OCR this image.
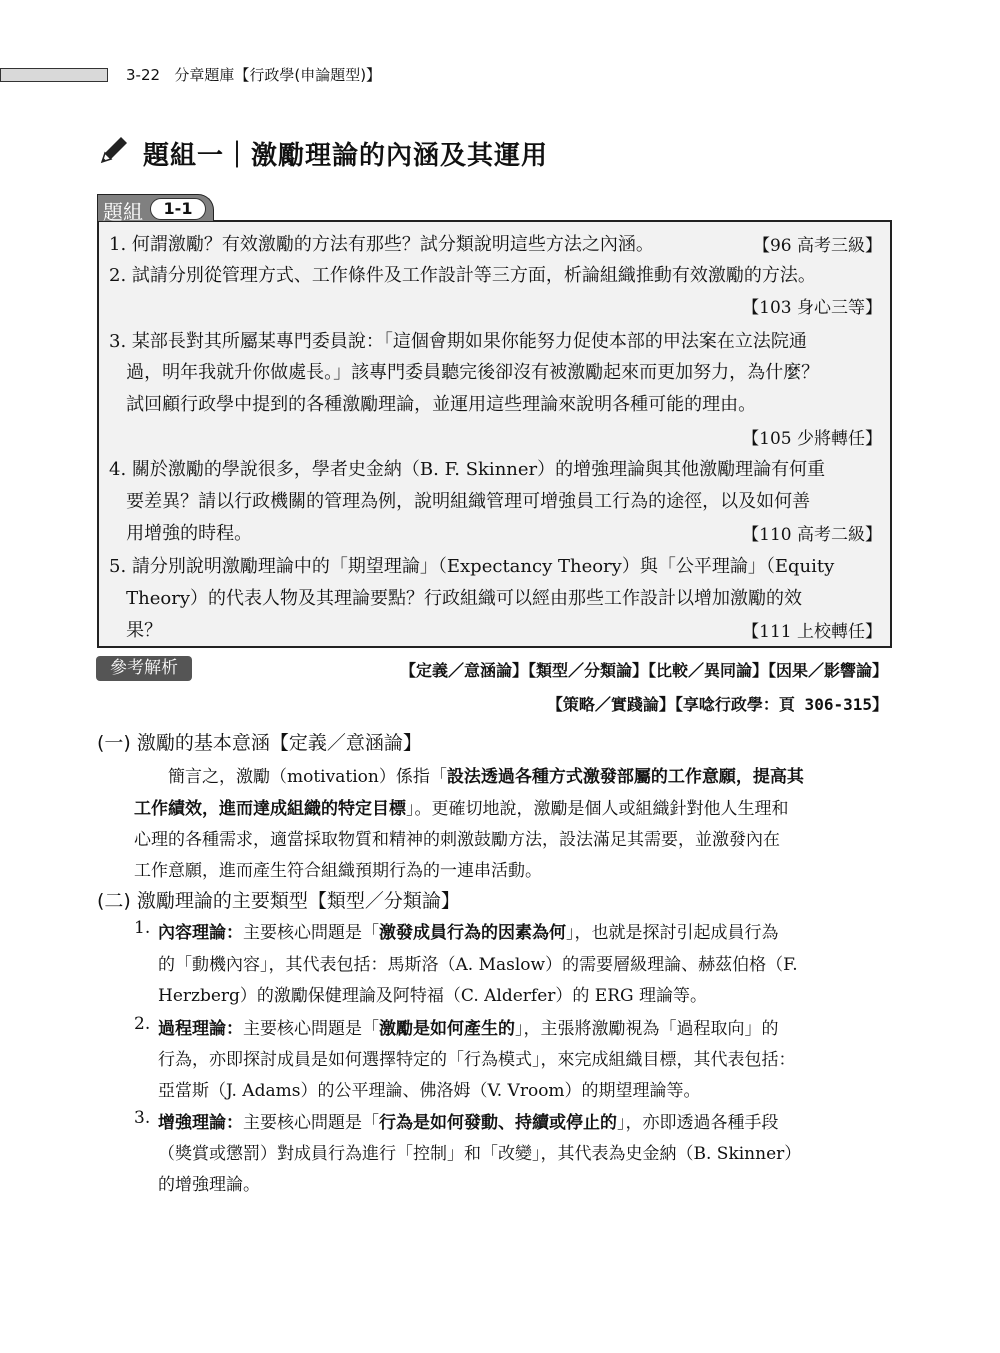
3-22   分章題庫【行政學(申論題型)】
題組一｜激勵理論的內涵及其運用
題組	1-1
1. 何謂激勵？有效激勵的方法有那些？試分類說明這些方法之內涵。	【96 高考三級】
2. 試請分別從管理方式、工作條件及工作設計等三方面，析論組織推動有效激勵的方法。
【103 身心三等】
3. 某部長對其所屬某專門委員說：「這個會期如果你能努力促使本部的甲法案在立法院通
過，明年我就升你做處長。」該專門委員聽完後卻沒有被激勵起來而更加努力，為什麼？
試回顧行政學中提到的各種激勵理論，並運用這些理論來說明各種可能的理由。
【105 少將轉任】
4. 關於激勵的學說很多，學者史金納（B. F. Skinner）的增強理論與其他激勵理論有何重
要差異？請以行政機關的管理為例，說明組織管理可增強員工行為的途徑，以及如何善
用增強的時程。	【110 高考二級】
5. 請分別說明激勵理論中的「期望理論」（Expectancy Theory）與「公平理論」（Equity
Theory）的代表人物及其理論要點？行政組織可以經由那些工作設計以增加激勵的效
果？	【111 上校轉任】
參考解析	【定義／意涵論】【類型／分類論】【比較／異同論】【因果／影響論】
【策略／實踐論】【享唸行政學：頁 306-315】
(一) 激勵的基本意涵【定義／意涵論】
　　簡言之，激勵（motivation）係指「設法透過各種方式激發部屬的工作意願，提高其
工作績效，進而達成組織的特定目標」。更確切地說，激勵是個人或組織針對他人生理和
心理的各種需求，適當採取物質和精神的刺激鼓勵方法，設法滿足其需要，並激發內在
工作意願，進而產生符合組織預期行為的一連串活動。
(二) 激勵理論的主要類型【類型／分類論】
1. 內容理論：主要核心問題是「激發成員行為的因素為何」，也就是探討引起成員行為
的「動機內容」，其代表包括：馬斯洛（A. Maslow）的需要層級理論、赫茲伯格（F.
Herzberg）的激勵保健理論及阿特福（C. Alderfer）的 ERG 理論等。
2. 過程理論：主要核心問題是「激勵是如何產生的」，主張將激勵視為「過程取向」的
行為，亦即探討成員是如何選擇特定的「行為模式」，來完成組織目標，其代表包括：
亞當斯（J. Adams）的公平理論、佛洛姆（V. Vroom）的期望理論等。
3. 增強理論：主要核心問題是「行為是如何發動、持續或停止的」，亦即透過各種手段
（獎賞或懲罰）對成員行為進行「控制」和「改變」，其代表為史金納（B. Skinner）
的增強理論。
